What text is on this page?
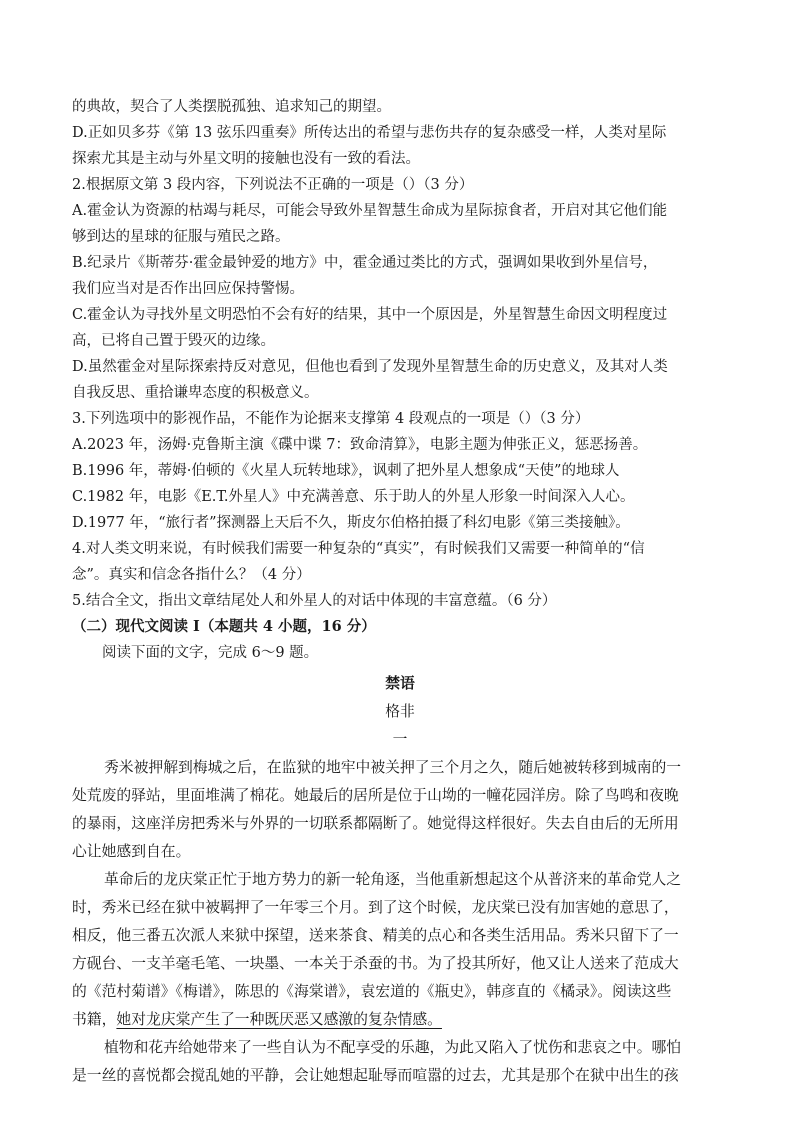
的典故，契合了人类摆脱孤独、追求知己的期望。
D.正如贝多芬《第 13 弦乐四重奏》所传达出的希望与悲伤共存的复杂感受一样，人类对星际
探索尤其是主动与外星文明的接触也没有一致的看法。
2.根据原文第 3 段内容，下列说法不正确的一项是（）（3 分）
A.霍金认为资源的枯竭与耗尽，可能会导致外星智慧生命成为星际掠食者，开启对其它他们能
够到达的星球的征服与殖民之路。
B.纪录片《斯蒂芬·霍金最钟爱的地方》中，霍金通过类比的方式，强调如果收到外星信号，
我们应当对是否作出回应保持警惕。
C.霍金认为寻找外星文明恐怕不会有好的结果，其中一个原因是，外星智慧生命因文明程度过
高，已将自己置于毁灭的边缘。
D.虽然霍金对星际探索持反对意见，但他也看到了发现外星智慧生命的历史意义，及其对人类
自我反思、重拾谦卑态度的积极意义。
3.下列选项中的影视作品，不能作为论据来支撑第 4 段观点的一项是（）（3 分）
A.2023 年，汤姆·克鲁斯主演《碟中谍 7：致命清算》，电影主题为伸张正义，惩恶扬善。
B.1996 年，蒂姆·伯顿的《火星人玩转地球》，讽刺了把外星人想象成“天使”的地球人
C.1982 年，电影《E.T.外星人》中充满善意、乐于助人的外星人形象一时间深入人心。
D.1977 年，“旅行者”探测器上天后不久，斯皮尔伯格拍摄了科幻电影《第三类接触》。
4.对人类文明来说，有时候我们需要一种复杂的“真实”，有时候我们又需要一种简单的“信
念”。真实和信念各指什么？（4 分）
5.结合全文，指出文章结尾处人和外星人的对话中体现的丰富意蕴。（6 分）
（二）现代文阅读 I（本题共 4 小题，16 分）
阅读下面的文字，完成 6～9 题。
禁语
格非
一
秀米被押解到梅城之后，在监狱的地牢中被关押了三个月之久，随后她被转移到城南的一
处荒废的驿站，里面堆满了棉花。她最后的居所是位于山坳的一幢花园洋房。除了鸟鸣和夜晚
的暴雨，这座洋房把秀米与外界的一切联系都隔断了。她觉得这样很好。失去自由后的无所用
心让她感到自在。
革命后的龙庆棠正忙于地方势力的新一轮角逐，当他重新想起这个从普济来的革命党人之
时，秀米已经在狱中被羁押了一年零三个月。到了这个时候，龙庆棠已没有加害她的意思了，
相反，他三番五次派人来狱中探望，送来茶食、精美的点心和各类生活用品。秀米只留下了一
方砚台、一支羊毫毛笔、一块墨、一本关于杀蚕的书。为了投其所好，他又让人送来了范成大
的《范村菊谱》《梅谱》，陈思的《海棠谱》，袁宏道的《瓶史》，韩彦直的《橘录》。阅读这些
书籍，她对龙庆棠产生了一种既厌恶又感激的复杂情感。
植物和花卉给她带来了一些自认为不配享受的乐趣，为此又陷入了忧伤和悲哀之中。哪怕
是一丝的喜悦都会搅乱她的平静，会让她想起耻辱而喧嚣的过去，尤其是那个在狱中出生的孩
